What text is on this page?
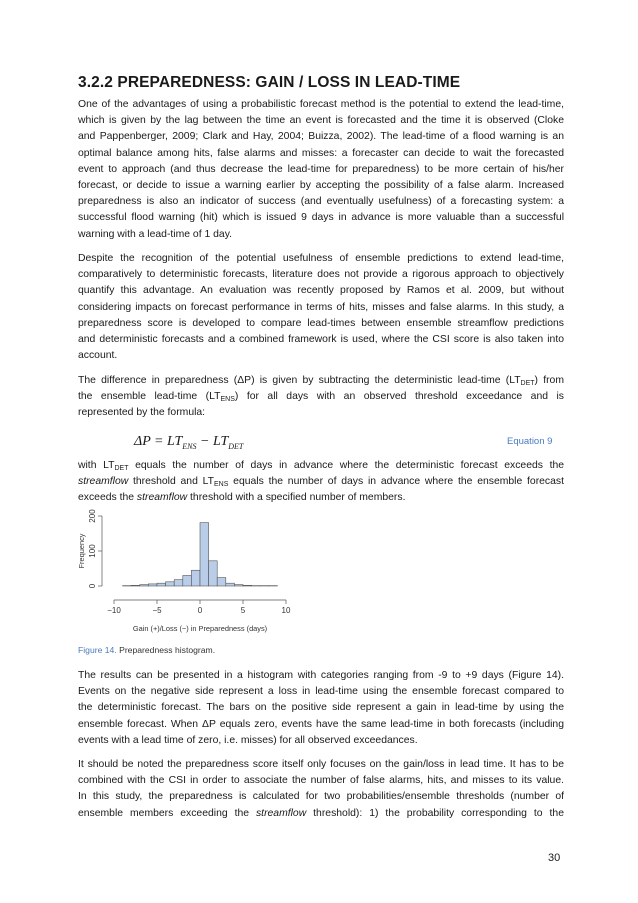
3.2.2 PREPAREDNESS: GAIN / LOSS IN LEAD-TIME
One of the advantages of using a probabilistic forecast method is the potential to extend the lead-time,
which is given by the lag between the time an event is forecasted and the time it is observed (Cloke
and Pappenberger, 2009; Clark and Hay, 2004; Buizza, 2002). The lead-time of a flood warning is an
optimal balance among hits, false alarms and misses: a forecaster can decide to wait the forecasted
event to approach (and thus decrease the lead-time for preparedness) to be more certain of his/her
forecast, or decide to issue a warning earlier by accepting the possibility of a false alarm. Increased
preparedness is also an indicator of success (and eventually usefulness) of a forecasting system: a
successful flood warning (hit) which is issued 9 days in advance is more valuable than a successful
warning with a lead-time of 1 day.
Despite the recognition of the potential usefulness of ensemble predictions to extend lead-time,
comparatively to deterministic forecasts, literature does not provide a rigorous approach to objectively
quantify this advantage. An evaluation was recently proposed by Ramos et al. 2009, but without
considering impacts on forecast performance in terms of hits, misses and false alarms. In this study, a
preparedness score is developed to compare lead-times between ensemble streamflow predictions
and deterministic forecasts and a combined framework is used, where the CSI score is also taken into
account.
The difference in preparedness (ΔP) is given by subtracting the deterministic lead-time $(LT_{DET})$ from
the ensemble lead-time $(LT_{ENS})$ for all days with an observed threshold exceedance and is
represented by the formula:
$\Delta P = LT_{ENS} - LT_{DET}$	Equation 9
with $LT_{DET}$ equals the number of days in advance where the deterministic forecast exceeds the
streamflow threshold and $LT_{ENS}$ equals the number of days in advance where the ensemble forecast
exceeds the streamflow threshold with a specified number of members.
−10	−5	0	5	10
Gain (+)/Loss (−) in Preparedness (days)
0
100
200
Frequency
Figure 14. Preparedness histogram.
The results can be presented in a histogram with categories ranging from -9 to +9 days (Figure 14).
Events on the negative side represent a loss in lead-time using the ensemble forecast compared to
the deterministic forecast. The bars on the positive side represent a gain in lead-time by using the
ensemble forecast. When ΔP equals zero, events have the same lead-time in both forecasts (including
events with a lead time of zero, i.e. misses) for all observed exceedances.
It should be noted the preparedness score itself only focuses on the gain/loss in lead time. It has to be
combined with the CSI in order to associate the number of false alarms, hits, and misses to its value.
In this study, the preparedness is calculated for two probabilities/ensemble thresholds (number of
ensemble members exceeding the streamflow threshold): 1) the probability corresponding to the
30
